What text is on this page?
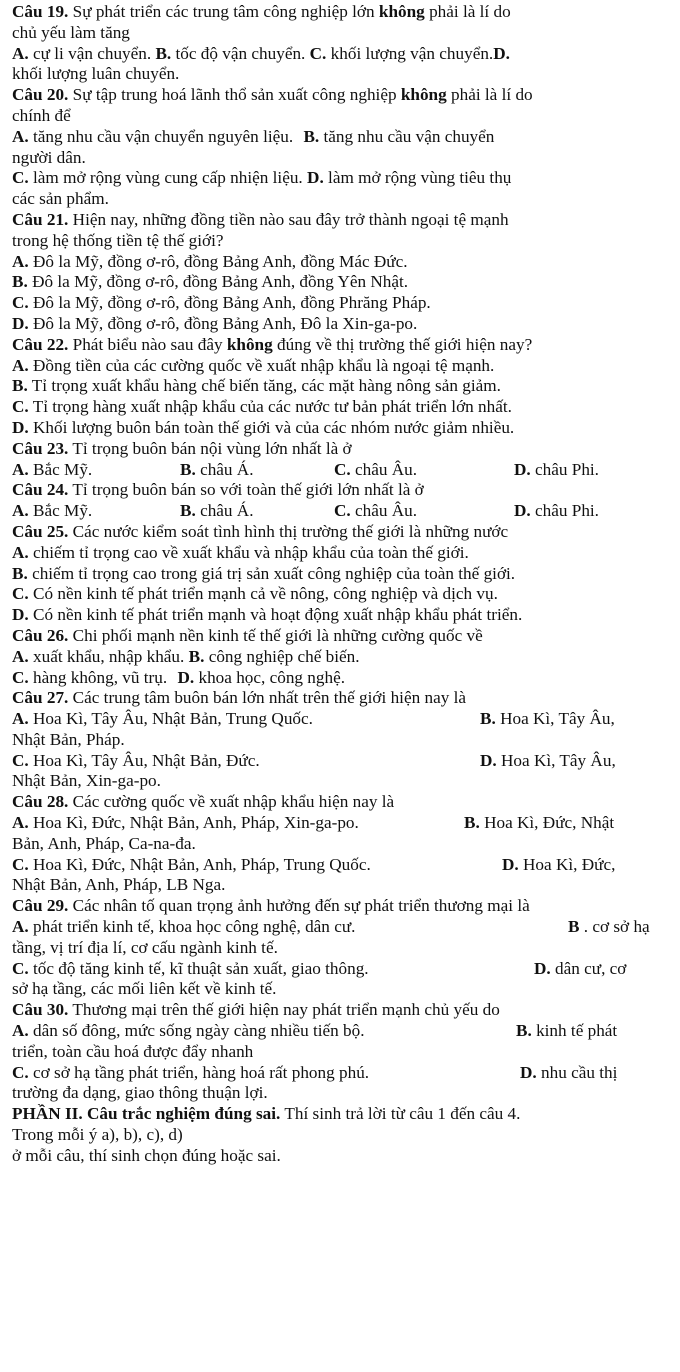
Câu 19. Sự phát triển các trung tâm công nghiệp lớn không phải là lí do
chủ yếu làm tăng
A. cự li vận chuyển. B. tốc độ vận chuyển. C. khối lượng vận chuyển.D.
khối lượng luân chuyển.
Câu 20. Sự tập trung hoá lãnh thổ sản xuất công nghiệp không phải là lí do
chính để
A. tăng nhu cầu vận chuyển nguyên liệu. B. tăng nhu cầu vận chuyển
người dân.
C. làm mở rộng vùng cung cấp nhiện liệu. D. làm mở rộng vùng tiêu thụ
các sản phẩm.
Câu 21. Hiện nay, những đồng tiền nào sau đây trở thành ngoại tệ mạnh
trong hệ thống tiền tệ thế giới?
A. Đô la Mỹ, đồng ơ-rô, đồng Bảng Anh, đồng Mác Đức.
B. Đô la Mỹ, đồng ơ-rô, đồng Bảng Anh, đồng Yên Nhật.
C. Đô la Mỹ, đồng ơ-rô, đồng Bảng Anh, đồng Phrăng Pháp.
D. Đô la Mỹ, đồng ơ-rô, đồng Bảng Anh, Đô la Xin-ga-po.
Câu 22. Phát biểu nào sau đây không đúng về thị trường thế giới hiện nay?
A. Đồng tiền của các cường quốc về xuất nhập khẩu là ngoại tệ mạnh.
B. Tỉ trọng xuất khẩu hàng chế biến tăng, các mặt hàng nông sản giảm.
C. Tỉ trọng hàng xuất nhập khẩu của các nước tư bản phát triển lớn nhất.
D. Khối lượng buôn bán toàn thế giới và của các nhóm nước giảm nhiều.
Câu 23. Tỉ trọng buôn bán nội vùng lớn nhất là ở
A. Bắc Mỹ.	B. châu Á.	C. châu Âu.	D. châu Phi.
Câu 24. Tỉ trọng buôn bán so với toàn thế giới lớn nhất là ở
A. Bắc Mỹ.	B. châu Á.	C. châu Âu.	D. châu Phi.
Câu 25. Các nước kiểm soát tình hình thị trường thế giới là những nước
A. chiếm tỉ trọng cao về xuất khẩu và nhập khẩu của toàn thế giới.
B. chiếm tỉ trọng cao trong giá trị sản xuất công nghiệp của toàn thế giới.
C. Có nền kinh tế phát triển mạnh cả về nông, công nghiệp và dịch vụ.
D. Có nền kinh tế phát triển mạnh và hoạt động xuất nhập khẩu phát triển.
Câu 26. Chi phối mạnh nền kinh tế thế giới là những cường quốc về
A. xuất khẩu, nhập khẩu. B. công nghiệp chế biến.
C. hàng không, vũ trụ. D. khoa học, công nghệ.
Câu 27. Các trung tâm buôn bán lớn nhất trên thế giới hiện nay là
A. Hoa Kì, Tây Âu, Nhật Bản, Trung Quốc.	B. Hoa Kì, Tây Âu,
Nhật Bản, Pháp.
C. Hoa Kì, Tây Âu, Nhật Bản, Đức.	D. Hoa Kì, Tây Âu,
Nhật Bản, Xin-ga-po.
Câu 28. Các cường quốc về xuất nhập khẩu hiện nay là
A. Hoa Kì, Đức, Nhật Bản, Anh, Pháp, Xin-ga-po.	B. Hoa Kì, Đức, Nhật
Bản, Anh, Pháp, Ca-na-đa.
C. Hoa Kì, Đức, Nhật Bản, Anh, Pháp, Trung Quốc.	D. Hoa Kì, Đức,
Nhật Bản, Anh, Pháp, LB Nga.
Câu 29. Các nhân tố quan trọng ảnh hưởng đến sự phát triển thương mại là
A. phát triển kinh tế, khoa học công nghệ, dân cư.	B . cơ sở hạ
tầng, vị trí địa lí, cơ cấu ngành kinh tế.
C. tốc độ tăng kinh tế, kĩ thuật sản xuất, giao thông.	D. dân cư, cơ
sở hạ tầng, các mối liên kết về kinh tế.
Câu 30. Thương mại trên thế giới hiện nay phát triển mạnh chủ yếu do
A. dân số đông, mức sống ngày càng nhiều tiến bộ.	B. kinh tế phát
triển, toàn cầu hoá được đẩy nhanh
C. cơ sở hạ tầng phát triển, hàng hoá rất phong phú.	D. nhu cầu thị
trường đa dạng, giao thông thuận lợi.
PHẦN II. Câu trắc nghiệm đúng sai. Thí sinh trả lời từ câu 1 đến câu 4.
Trong mỗi ý a), b), c), d)
ở mỗi câu, thí sinh chọn đúng hoặc sai.
